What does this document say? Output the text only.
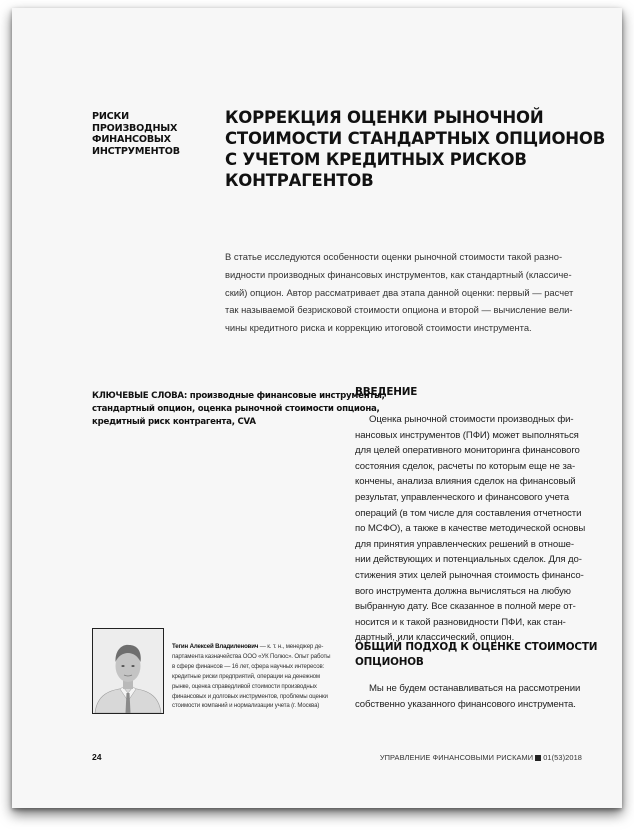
РИСКИ ПРОИЗВОДНЫХ
ФИНАНСОВЫХ
ИНСТРУМЕНТОВ
КОРРЕКЦИЯ ОЦЕНКИ РЫНОЧНОЙ
СТОИМОСТИ СТАНДАРТНЫХ ОПЦИОНОВ
С УЧЕТОМ КРЕДИТНЫХ РИСКОВ
КОНТРАГЕНТОВ
В статье исследуются особенности оценки рыночной стоимости такой разно-
видности производных финансовых инструментов, как стандартный (классиче-
ский) опцион. Автор рассматривает два этапа данной оценки: первый — расчет
так называемой безрисковой стоимости опциона и второй — вычисление вели-
чины кредитного риска и коррекцию итоговой стоимости инструмента.
КЛЮЧЕВЫЕ СЛОВА: производные финансовые инструменты,
стандартный опцион, оценка рыночной стоимости опциона,
кредитный риск контрагента, CVA
ВВЕДЕНИЕ
Оценка рыночной стоимости производных фи-
нансовых инструментов (ПФИ) может выполняться
для целей оперативного мониторинга финансового
состояния сделок, расчеты по которым еще не за-
кончены, анализа влияния сделок на финансовый
результат, управленческого и финансового учета
операций (в том числе для составления отчетности
по МСФО), а также в качестве методической основы
для принятия управленческих решений в отноше-
нии действующих и потенциальных сделок. Для до-
стижения этих целей рыночная стоимость финансо-
вого инструмента должна вычисляться на любую
выбранную дату. Все сказанное в полной мере от-
носится и к такой разновидности ПФИ, как стан-
дартный, или классический, опцион.
ОБЩИЙ ПОДХОД К ОЦЕНКЕ СТОИМОСТИ
ОПЦИОНОВ
Мы не будем останавливаться на рассмотрении
собственно указанного финансового инструмента.
Тегин Алексей Владиленович — к. т. н., менеджер де-
партамента казначейства ООО «УК Полюс». Опыт работы
в сфере финансов — 16 лет, сфера научных интересов:
кредитные риски предприятий, операции на денежном
рынке, оценка справедливой стоимости производных
финансовых и долговых инструментов, проблемы оценки
стоимости компаний и нормализации учета (г. Москва)
24	УПРАВЛЕНИЕ ФИНАНСОВЫМИ РИСКАМИ 01(53)2018
